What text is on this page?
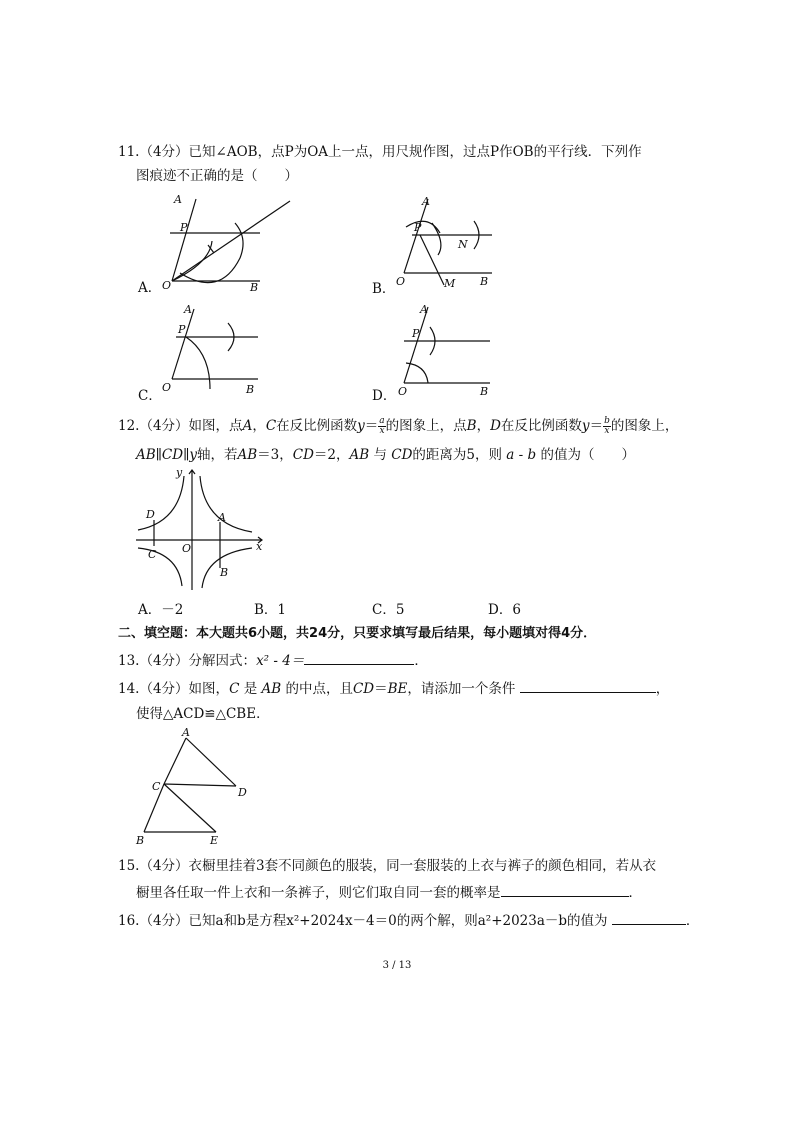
11.（4分）已知∠AOB，点P为OA上一点，用尺规作图，过点P作OB的平行线．下列作
图痕迹不正确的是（　　）
A
P
O	B
A．
A
P
N
O	M B
B．
A
P
O	B
C．
A
P
O	B
D．
12.（4分）如图，点A，C在反比例函数$y= \frac{a}{x}$ 的图象上，点B，D在反比例函数$y= \frac{b}{x}$ 的图象上，
AB∥CD∥y轴，若AB＝3，CD＝2，AB 与 CD的距离为5，则 a - b 的值为（　　）
y
x
O
A
B
D
C
A．－2	B．1	C．5	D．6
二、填空题：本大题共6小题，共24分，只要求填写最后结果，每小题填对得4分．
13.（4分）分解因式：x² - 4＝	．
14.（4分）如图，C 是 AB 的中点，且CD＝BE，请添加一个条件	，
使得△ACD≌△CBE．
A
C	D
B	E
15.（4分）衣橱里挂着3套不同颜色的服装，同一套服装的上衣与裤子的颜色相同，若从衣
橱里各任取一件上衣和一条裤子，则它们取自同一套的概率是	．
16.（4分）已知a和b是方程x²+2024x－4＝0的两个解，则a²+2023a－b的值为	．
3 / 13
